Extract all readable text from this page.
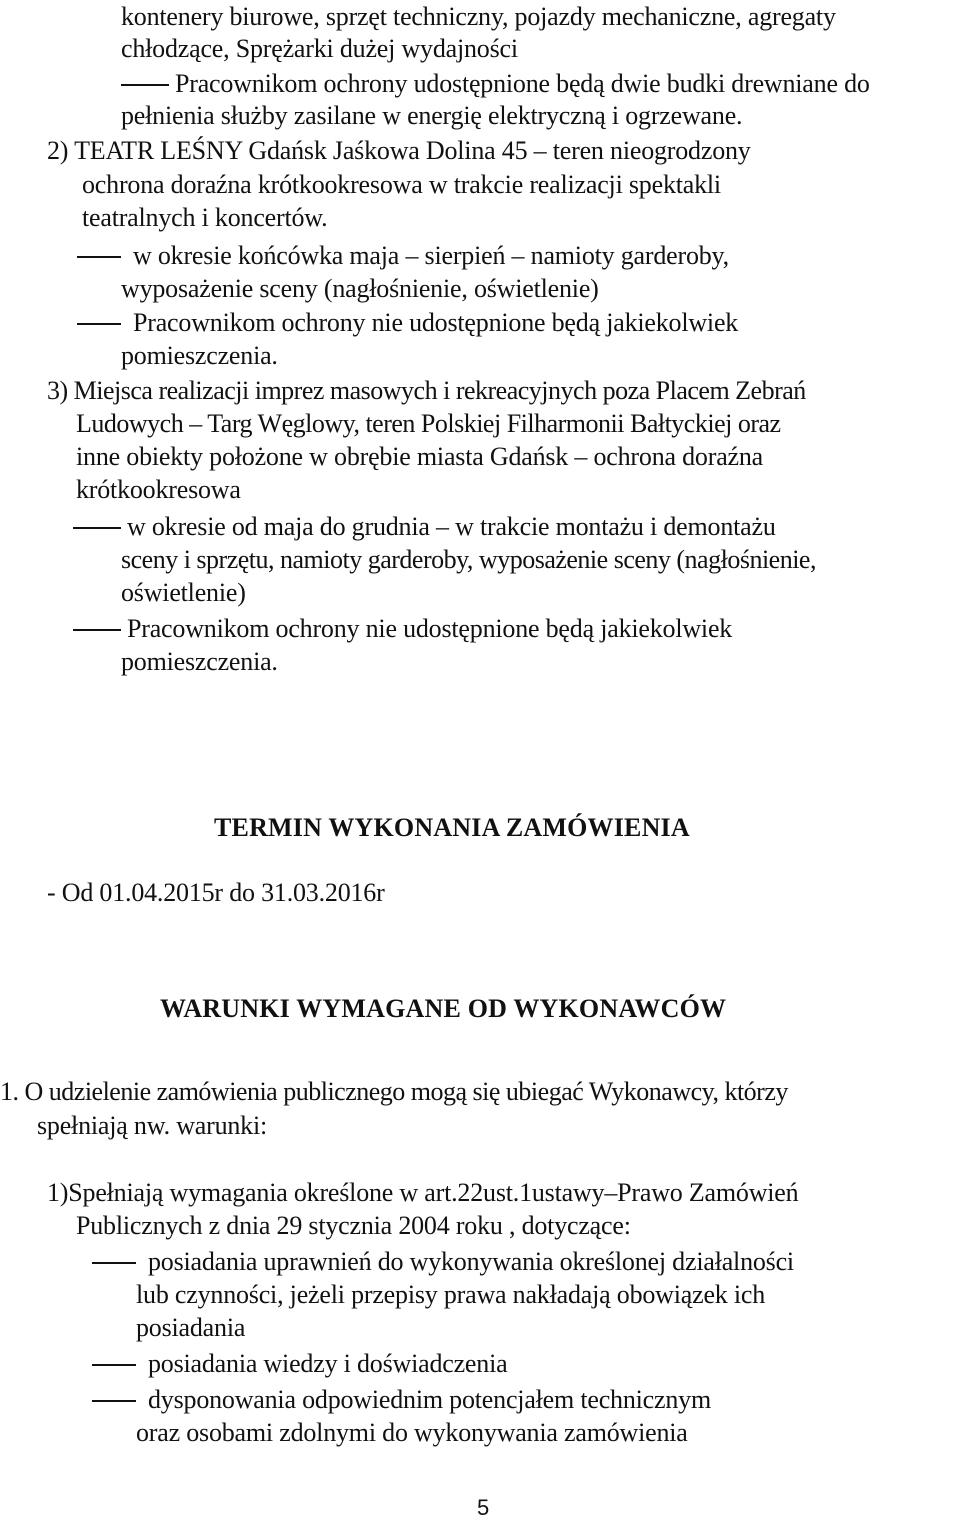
kontenery biurowe, sprzęt techniczny, pojazdy mechaniczne, agregaty
chłodzące, Sprężarki dużej wydajności
Pracownikom ochrony udostępnione będą dwie budki drewniane do
pełnienia służby zasilane w energię elektryczną i ogrzewane.
2) TEATR LEŚNY Gdańsk Jaśkowa Dolina 45 – teren nieogrodzony
ochrona doraźna krótkookresowa w trakcie realizacji spektakli
teatralnych i koncertów.
w okresie końcówka maja – sierpień – namioty garderoby,
wyposażenie sceny (nagłośnienie, oświetlenie)
Pracownikom ochrony nie udostępnione będą jakiekolwiek
pomieszczenia.
3) Miejsca realizacji imprez masowych i rekreacyjnych poza Placem Zebrań
Ludowych – Targ Węglowy, teren Polskiej Filharmonii Bałtyckiej oraz
inne obiekty położone w obrębie miasta Gdańsk – ochrona doraźna
krótkookresowa
w okresie od maja do grudnia – w trakcie montażu i demontażu
sceny i sprzętu, namioty garderoby, wyposażenie sceny (nagłośnienie,
oświetlenie)
Pracownikom ochrony nie udostępnione będą jakiekolwiek
pomieszczenia.
TERMIN WYKONANIA ZAMÓWIENIA
- Od 01.04.2015r do 31.03.2016r
WARUNKI WYMAGANE OD WYKONAWCÓW
1. O udzielenie zamówienia publicznego mogą się ubiegać Wykonawcy, którzy
spełniają nw. warunki:
1)Spełniają wymagania określone w art.22ust.1ustawy–Prawo Zamówień
Publicznych z dnia 29 stycznia 2004 roku , dotyczące:
posiadania uprawnień do wykonywania określonej działalności
lub czynności, jeżeli przepisy prawa nakładają obowiązek ich
posiadania
posiadania wiedzy i doświadczenia
dysponowania odpowiednim potencjałem technicznym
oraz osobami zdolnymi do wykonywania zamówienia
5
